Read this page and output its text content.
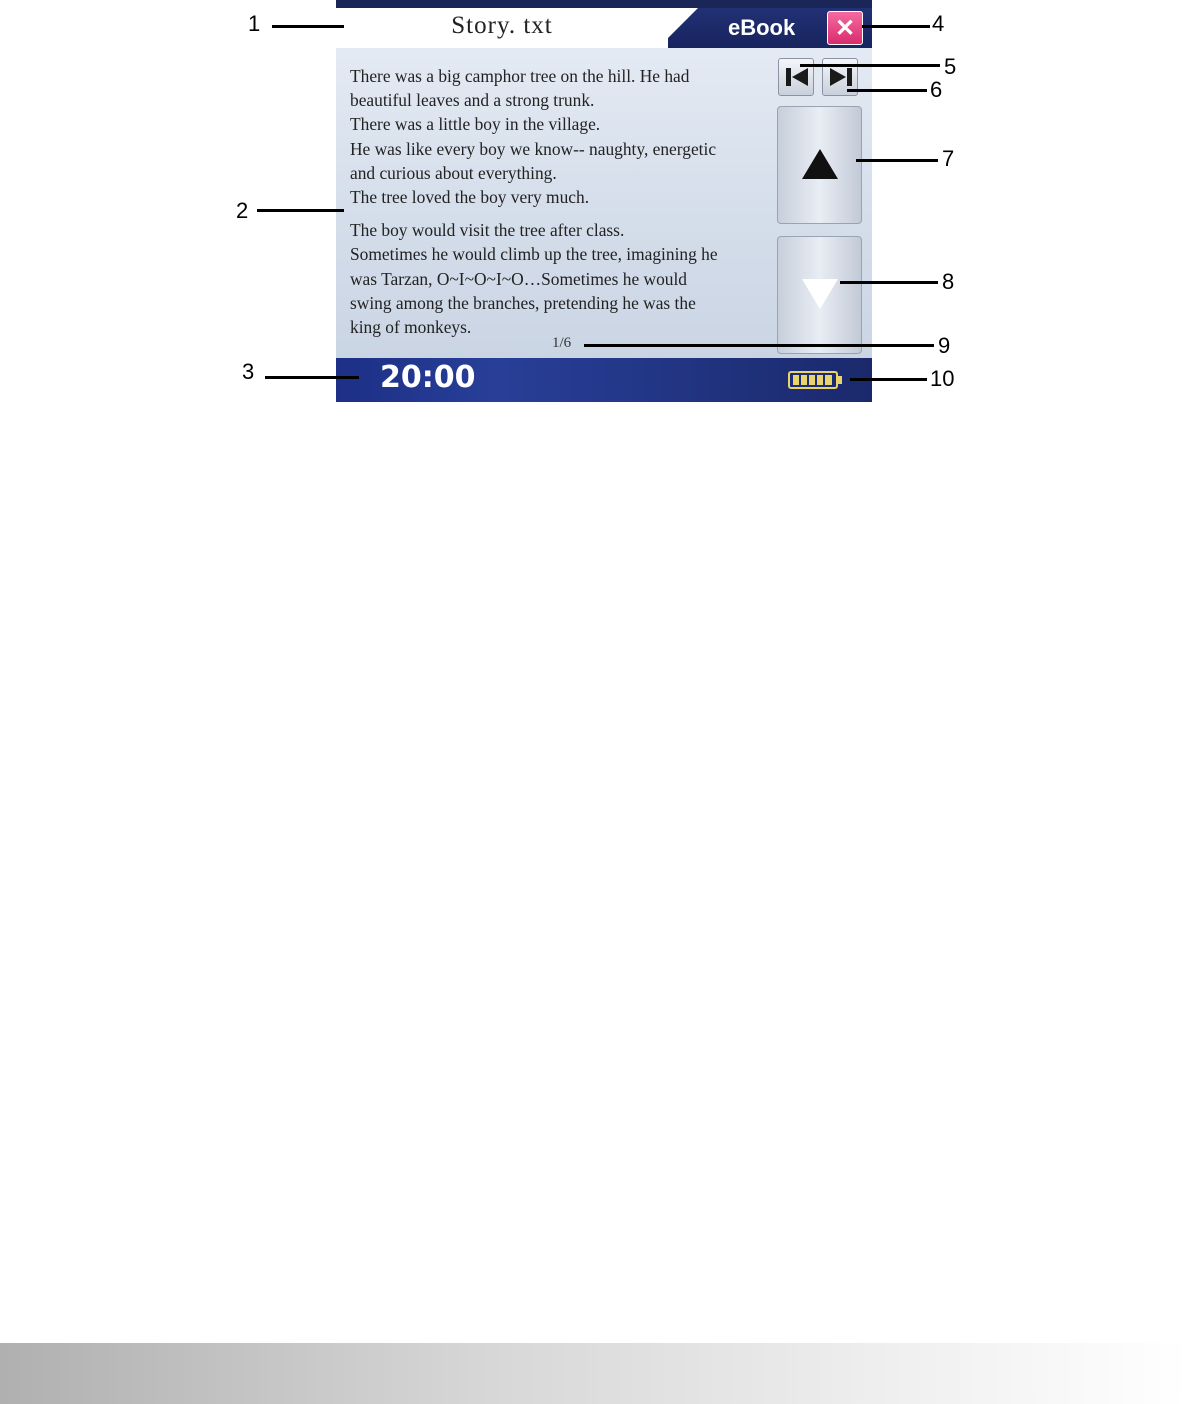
Story. txt	eBook ✕
There was a big camphor tree on the hill. He had
beautiful leaves and a strong trunk.
There was a little boy in the village.
He was like every boy we know-- naughty, energetic
and curious about everything.
The tree loved the boy very much.
The boy would visit the tree after class.
Sometimes he would climb up the tree, imagining he
was Tarzan, O~I~O~I~O…Sometimes he would
swing among the branches, pretending he was the
king of monkeys.
1/6
20:00
1
2
3
4
5
6
7
8
9
10
